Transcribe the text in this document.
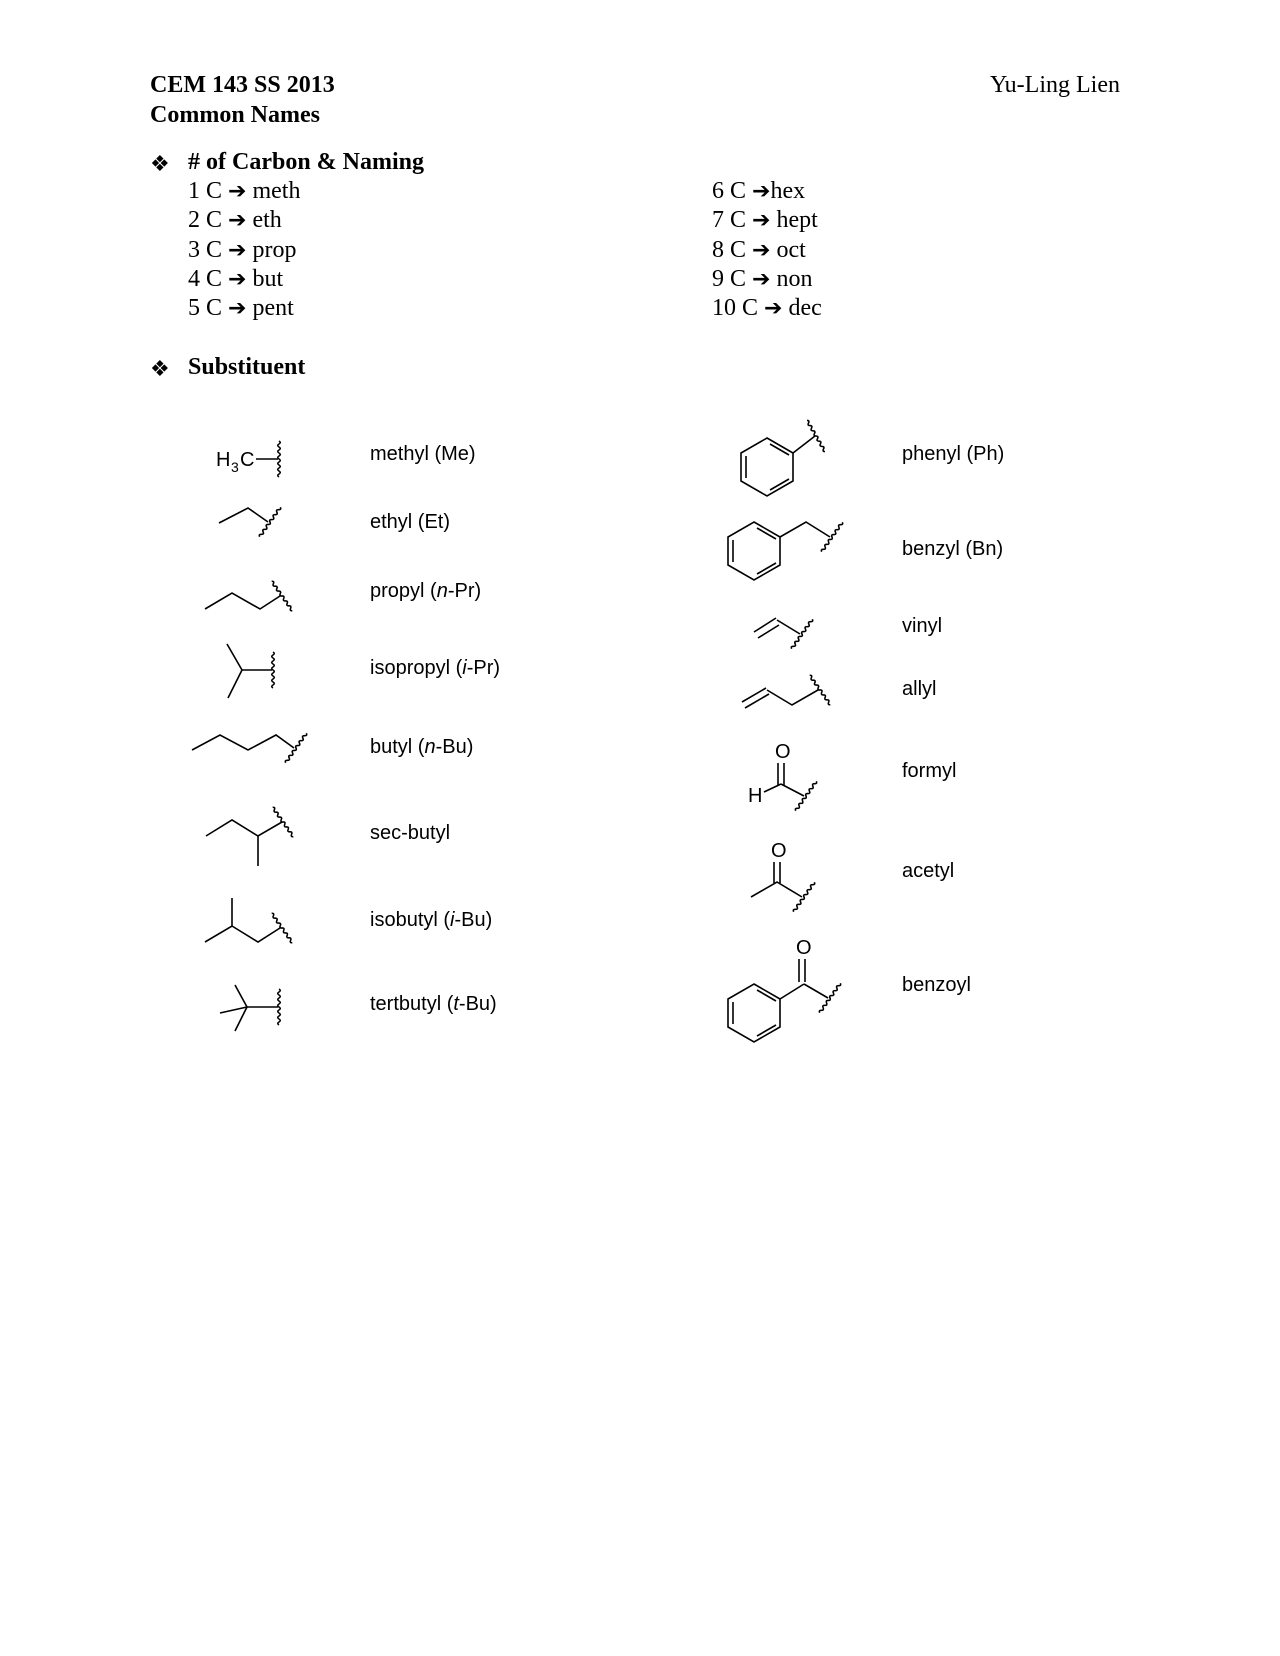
CEM 143 SS 2013
Common Names
Yu-Ling Lien
❖ # of Carbon & Naming
1 C ➔ meth
2 C ➔ eth
3 C ➔ prop
4 C ➔ but
5 C ➔ pent
6 C ➔hex
7 C ➔ hept
8 C ➔ oct
9 C ➔ non
10 C ➔ dec
❖ Substituent
methyl (Me)
ethyl (Et)
propyl (n-Pr)
isopropyl (i-Pr)
butyl (n-Bu)
sec-butyl
isobutyl (i-Bu)
tertbutyl (t-Bu)
phenyl (Ph)
benzyl (Bn)
vinyl
allyl
formyl
acetyl
benzoyl
H 3 C
O
H
O
O
